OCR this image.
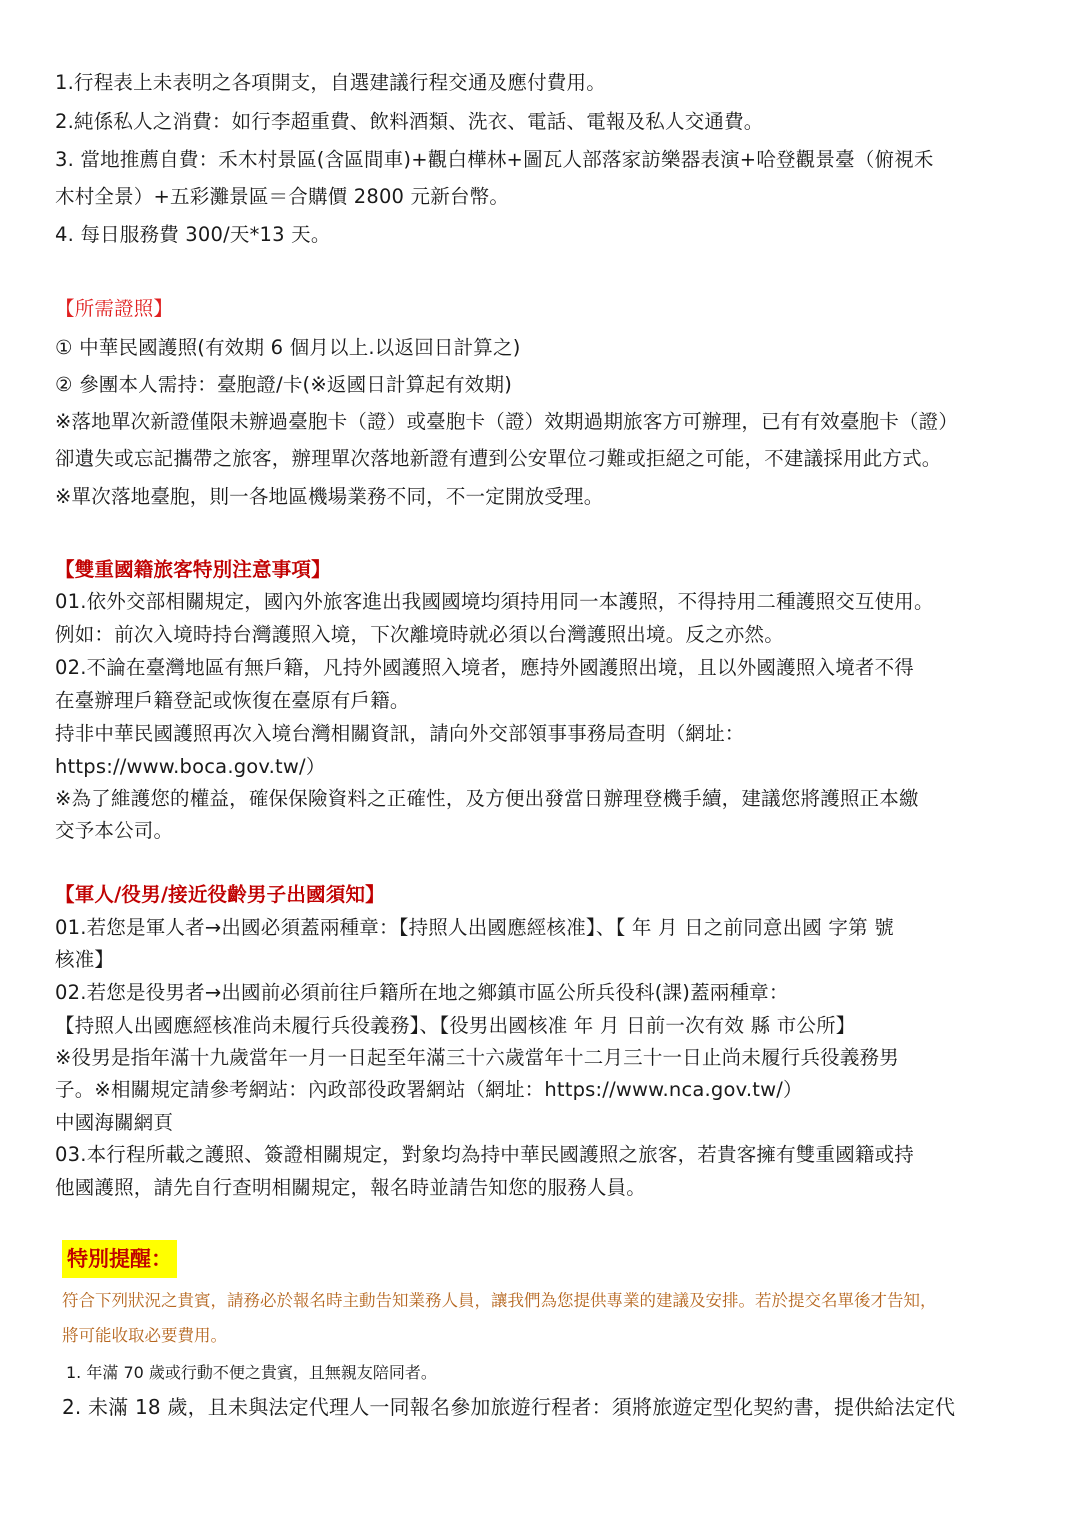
1.行程表上未表明之各項開支，自選建議行程交通及應付費用。
2.純係私人之消費：如行李超重費、飲料酒類、洗衣、電話、電報及私人交通費。
3. 當地推薦自費：禾木村景區(含區間車)+觀白樺林+圖瓦人部落家訪樂器表演+哈登觀景臺（俯視禾
木村全景）+五彩灘景區＝合購價 2800 元新台幣。
4. 每日服務費 300/天*13 天。
【所需證照】
① 中華民國護照(有效期 6 個月以上.以返回日計算之)
② 參團本人需持：臺胞證/卡(※返國日計算起有效期)
※落地單次新證僅限未辦過臺胞卡（證）或臺胞卡（證）效期過期旅客方可辦理，已有有效臺胞卡（證）
卻遺失或忘記攜帶之旅客，辦理單次落地新證有遭到公安單位刁難或拒絕之可能，不建議採用此方式。
※單次落地臺胞，則一各地區機場業務不同，不一定開放受理。
【雙重國籍旅客特別注意事項】
01.依外交部相關規定，國內外旅客進出我國國境均須持用同一本護照，不得持用二種護照交互使用。
例如：前次入境時持台灣護照入境，下次離境時就必須以台灣護照出境。反之亦然。
02.不論在臺灣地區有無戶籍，凡持外國護照入境者，應持外國護照出境，且以外國護照入境者不得
在臺辦理戶籍登記或恢復在臺原有戶籍。
持非中華民國護照再次入境台灣相關資訊，請向外交部領事事務局查明（網址：
https://www.boca.gov.tw/）
※為了維護您的權益，確保保險資料之正確性，及方便出發當日辦理登機手續，建議您將護照正本繳
交予本公司。
【軍人/役男/接近役齡男子出國須知】
01.若您是軍人者→出國必須蓋兩種章：【持照人出國應經核准】、【 年 月 日之前同意出國 字第 號
核准】
02.若您是役男者→出國前必須前往戶籍所在地之鄉鎮市區公所兵役科(課)蓋兩種章：
【持照人出國應經核准尚未履行兵役義務】、【役男出國核准 年 月 日前一次有效 縣 市公所】
※役男是指年滿十九歲當年一月一日起至年滿三十六歲當年十二月三十一日止尚未履行兵役義務男
子。※相關規定請參考網站：內政部役政署網站（網址：https://www.nca.gov.tw/）
中國海關網頁
03.本行程所載之護照、簽證相關規定，對象均為持中華民國護照之旅客，若貴客擁有雙重國籍或持
他國護照，請先自行查明相關規定，報名時並請告知您的服務人員。
特別提醒：
符合下列狀況之貴賓，請務必於報名時主動告知業務人員，讓我們為您提供專業的建議及安排。若於提交名單後才告知，
將可能收取必要費用。
1. 年滿 70 歲或行動不便之貴賓，且無親友陪同者。
2. 未滿 18 歲，且未與法定代理人一同報名參加旅遊行程者：須將旅遊定型化契約書，提供給法定代
